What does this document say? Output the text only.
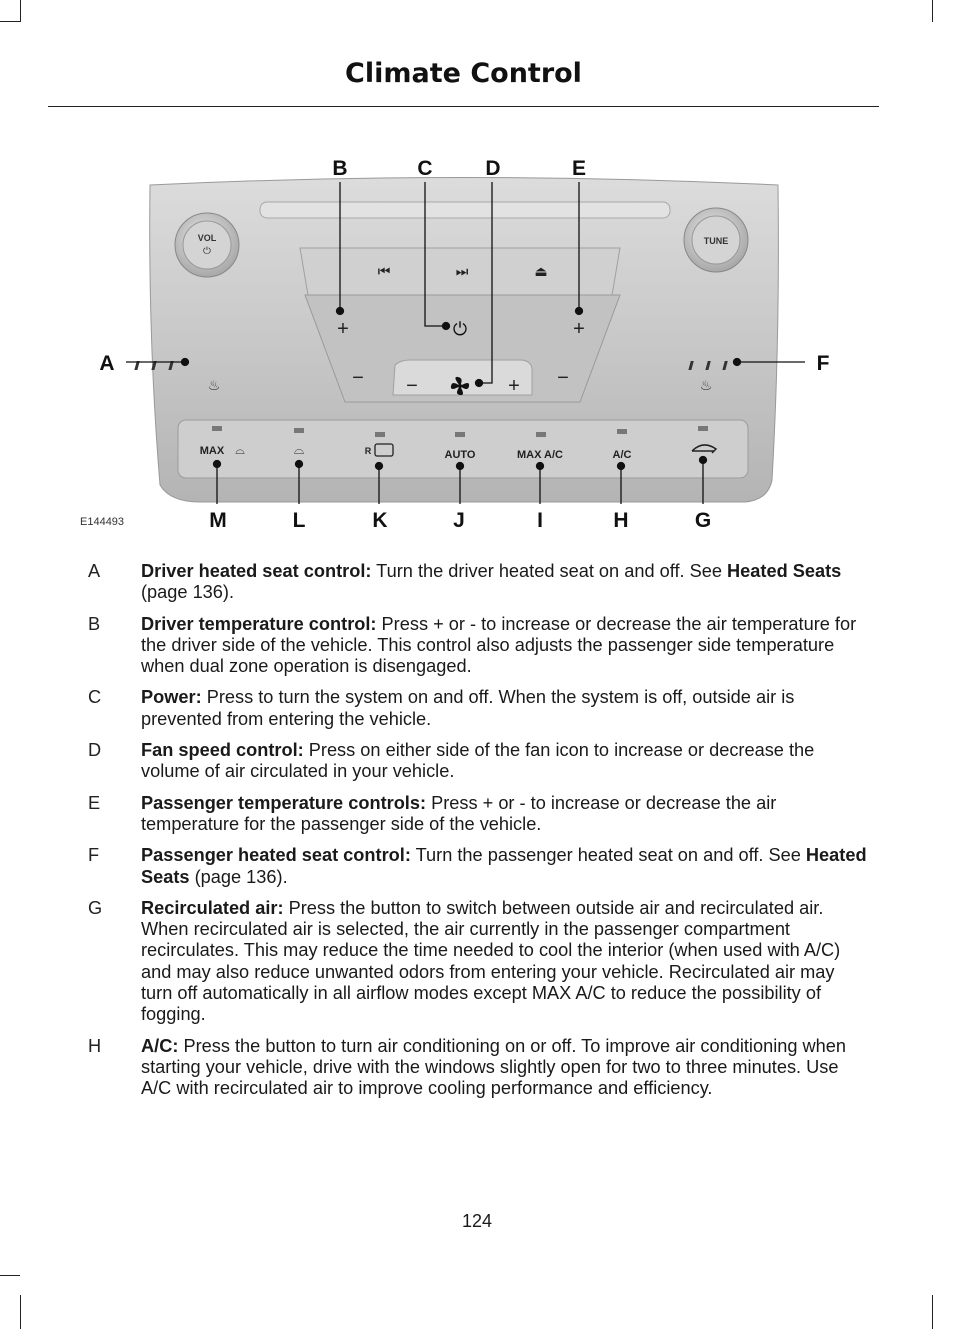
Climate Control
VOL
⏻
TUNE
⏮	⏭	⏏
+	+
−	−
−	+
⏻
♨	♨
MAX ⌓	⌓	R	AUTO	MAX A/C	A/C
B	C	D	E
A	F
M	L	K	J	I	H	G
E144493
A Driver heated seat control: Turn the driver heated seat on and off. See Heated Seats (page 136).
B Driver temperature control: Press + or - to increase or decrease the air temperature for the driver side of the vehicle. This control also adjusts the passenger side temperature when dual zone operation is disengaged.
C Power: Press to turn the system on and off. When the system is off, outside air is prevented from entering the vehicle.
D Fan speed control: Press on either side of the fan icon to increase or decrease the volume of air circulated in your vehicle.
E Passenger temperature controls: Press + or - to increase or decrease the air temperature for the passenger side of the vehicle.
F Passenger heated seat control: Turn the passenger heated seat on and off. See Heated Seats (page 136).
G Recirculated air: Press the button to switch between outside air and recirculated air. When recirculated air is selected, the air currently in the passenger compartment recirculates. This may reduce the time needed to cool the interior (when used with A/C) and may also reduce unwanted odors from entering your vehicle. Recirculated air may turn off automatically in all airflow modes except MAX A/C to reduce the possibility of fogging.
H A/C: Press the button to turn air conditioning on or off. To improve air conditioning when starting your vehicle, drive with the windows slightly open for two to three minutes. Use A/C with recirculated air to improve cooling performance and efficiency.
124
